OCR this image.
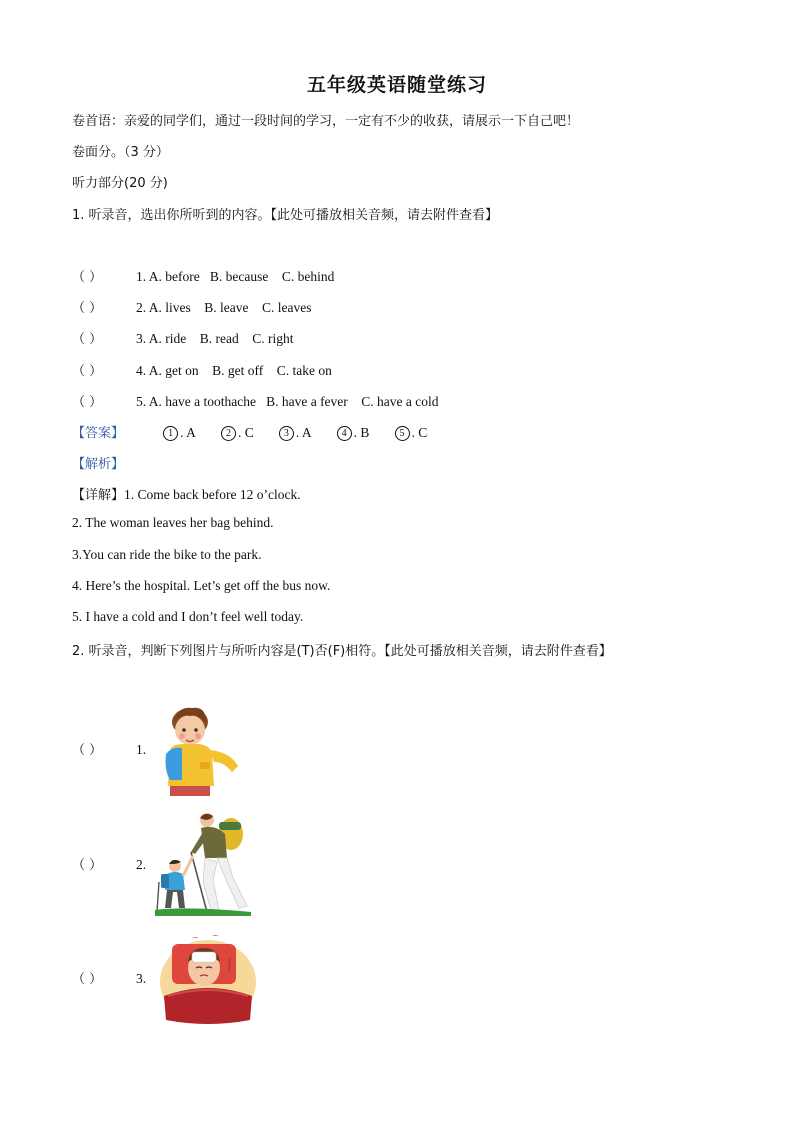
五年级英语随堂练习
卷首语：亲爱的同学们，通过一段时间的学习，一定有不少的收获，请展示一下自己吧！
卷面分。（3 分）
听力部分(20 分)
1. 听录音，选出你所听到的内容。【此处可播放相关音频，请去附件查看】
（ ）	1. A. before   B. because    C. behind
（ ）	2. A. lives    B. leave    C. leaves
（ ）	3. A. ride    B. read    C. right
（ ）	4. A. get on    B. get off    C. take on
（ ）	5. A. have a toothache   B. have a fever    C. have a cold
【答案】	1 . A	2 . C	3 . A	4 . B	5 . C
【解析】
【详解】1. Come back before 12 o’clock.
2. The woman leaves her bag behind.
3.You can ride the bike to the park.
4. Here’s the hospital. Let’s get off the bus now.
5. I have a cold and I don’t feel well today.
2. 听录音，判断下列图片与所听内容是(T)否(F)相符。【此处可播放相关音频，请去附件查看】
（ ）	1.
（ ）	2.
（ ）	3.
~ ~
